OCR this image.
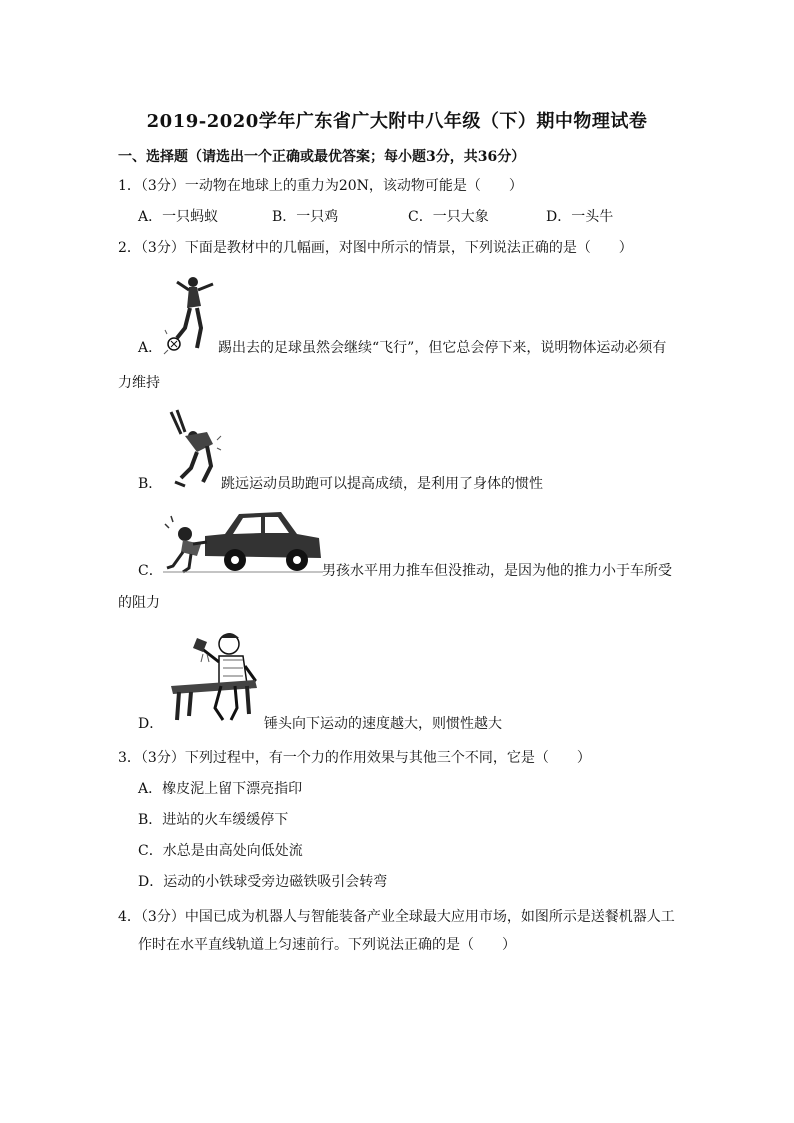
2019-2020学年广东省广大附中八年级（下）期中物理试卷
一、选择题（请选出一个正确或最优答案；每小题3分，共36分）
1．（3分）一动物在地球上的重力为20N，该动物可能是（　　）
A．一只蚂蚁	B．一只鸡	C．一只大象	D．一头牛
2．（3分）下面是教材中的几幅画，对图中所示的情景，下列说法正确的是（　　）
A．	踢出去的足球虽然会继续“飞行”，但它总会停下来，说明物体运动必须有
力维持
B．	跳远运动员助跑可以提高成绩，是利用了身体的惯性
C．	男孩水平用力推车但没推动，是因为他的推力小于车所受
的阻力
D．	锤头向下运动的速度越大，则惯性越大
3．（3分）下列过程中，有一个力的作用效果与其他三个不同，它是（　　）
A．橡皮泥上留下漂亮指印
B．进站的火车缓缓停下
C．水总是由高处向低处流
D．运动的小铁球受旁边磁铁吸引会转弯
4．（3分）中国已成为机器人与智能装备产业全球最大应用市场，如图所示是送餐机器人工
作时在水平直线轨道上匀速前行。下列说法正确的是（　　）
